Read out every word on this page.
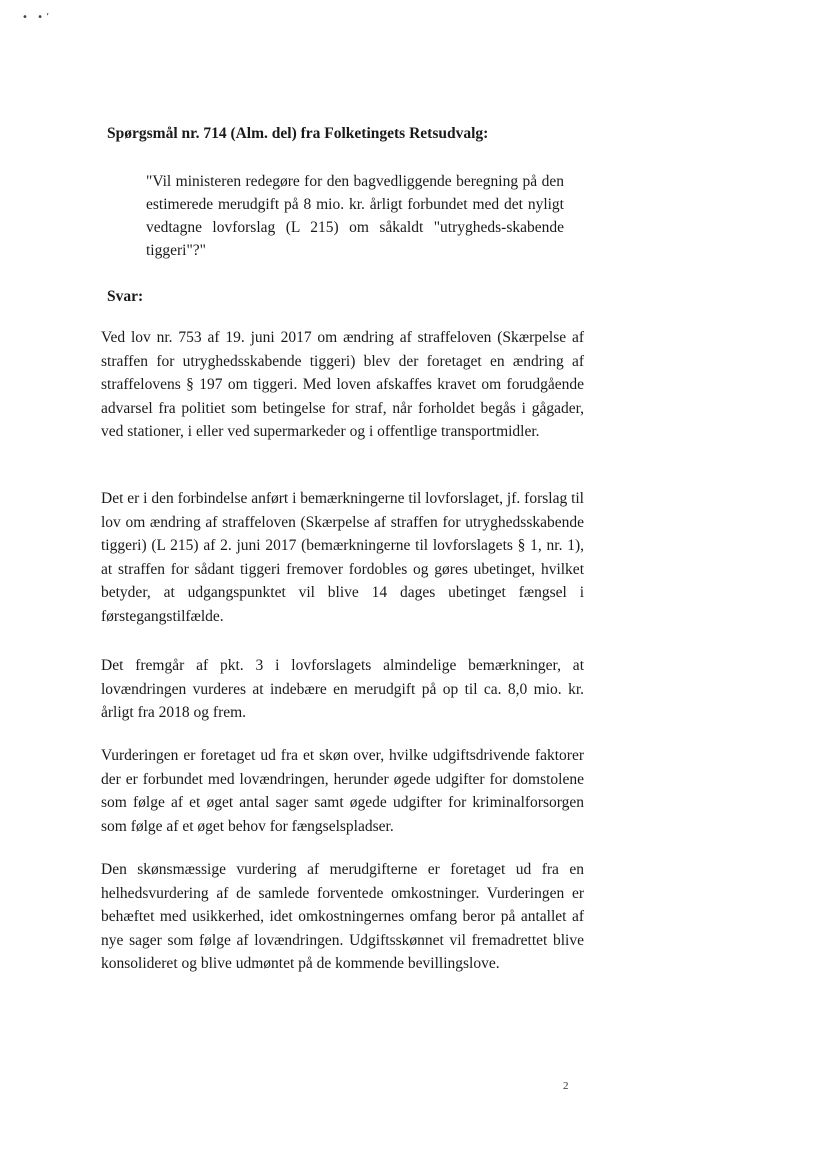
• •’
Spørgsmål nr. 714 (Alm. del) fra Folketingets Retsudvalg:
"Vil ministeren redegøre for den bagvedliggende beregning på den estimerede merudgift på 8 mio. kr. årligt forbundet med det nyligt vedtagne lovforslag (L 215) om såkaldt "utrygheds-skabende tiggeri"?"
Svar:

Ved lov nr. 753 af 19. juni 2017 om ændring af straffeloven (Skærpelse af straffen for utryghedsskabende tiggeri) blev der foretaget en ændring af straffelovens § 197 om tiggeri. Med loven afskaffes kravet om forudgående advarsel fra politiet som betingelse for straf, når forholdet begås i gågader, ved stationer, i eller ved supermarkeder og i offentlige transportmidler.

Det er i den forbindelse anført i bemærkningerne til lovforslaget, jf. forslag til lov om ændring af straffeloven (Skærpelse af straffen for utryghedsskabende tiggeri) (L 215) af 2. juni 2017 (bemærkningerne til lovforslagets § 1, nr. 1), at straffen for sådant tiggeri fremover fordobles og gøres ubetinget, hvilket betyder, at udgangspunktet vil blive 14 dages ubetinget fængsel i førstegangstilfælde.

Det fremgår af pkt. 3 i lovforslagets almindelige bemærkninger, at lovændringen vurderes at indebære en merudgift på op til ca. 8,0 mio. kr. årligt fra 2018 og frem.

Vurderingen er foretaget ud fra et skøn over, hvilke udgiftsdrivende faktorer der er forbundet med lovændringen, herunder øgede udgifter for domstolene som følge af et øget antal sager samt øgede udgifter for kriminalforsorgen som følge af et øget behov for fængselspladser.

Den skønsmæssige vurdering af merudgifterne er foretaget ud fra en helhedsvurdering af de samlede forventede omkostninger. Vurderingen er behæftet med usikkerhed, idet omkostningernes omfang beror på antallet af nye sager som følge af lovændringen. Udgiftsskønnet vil fremadrettet blive konsolideret og blive udmøntet på de kommende bevillingslove.

2
